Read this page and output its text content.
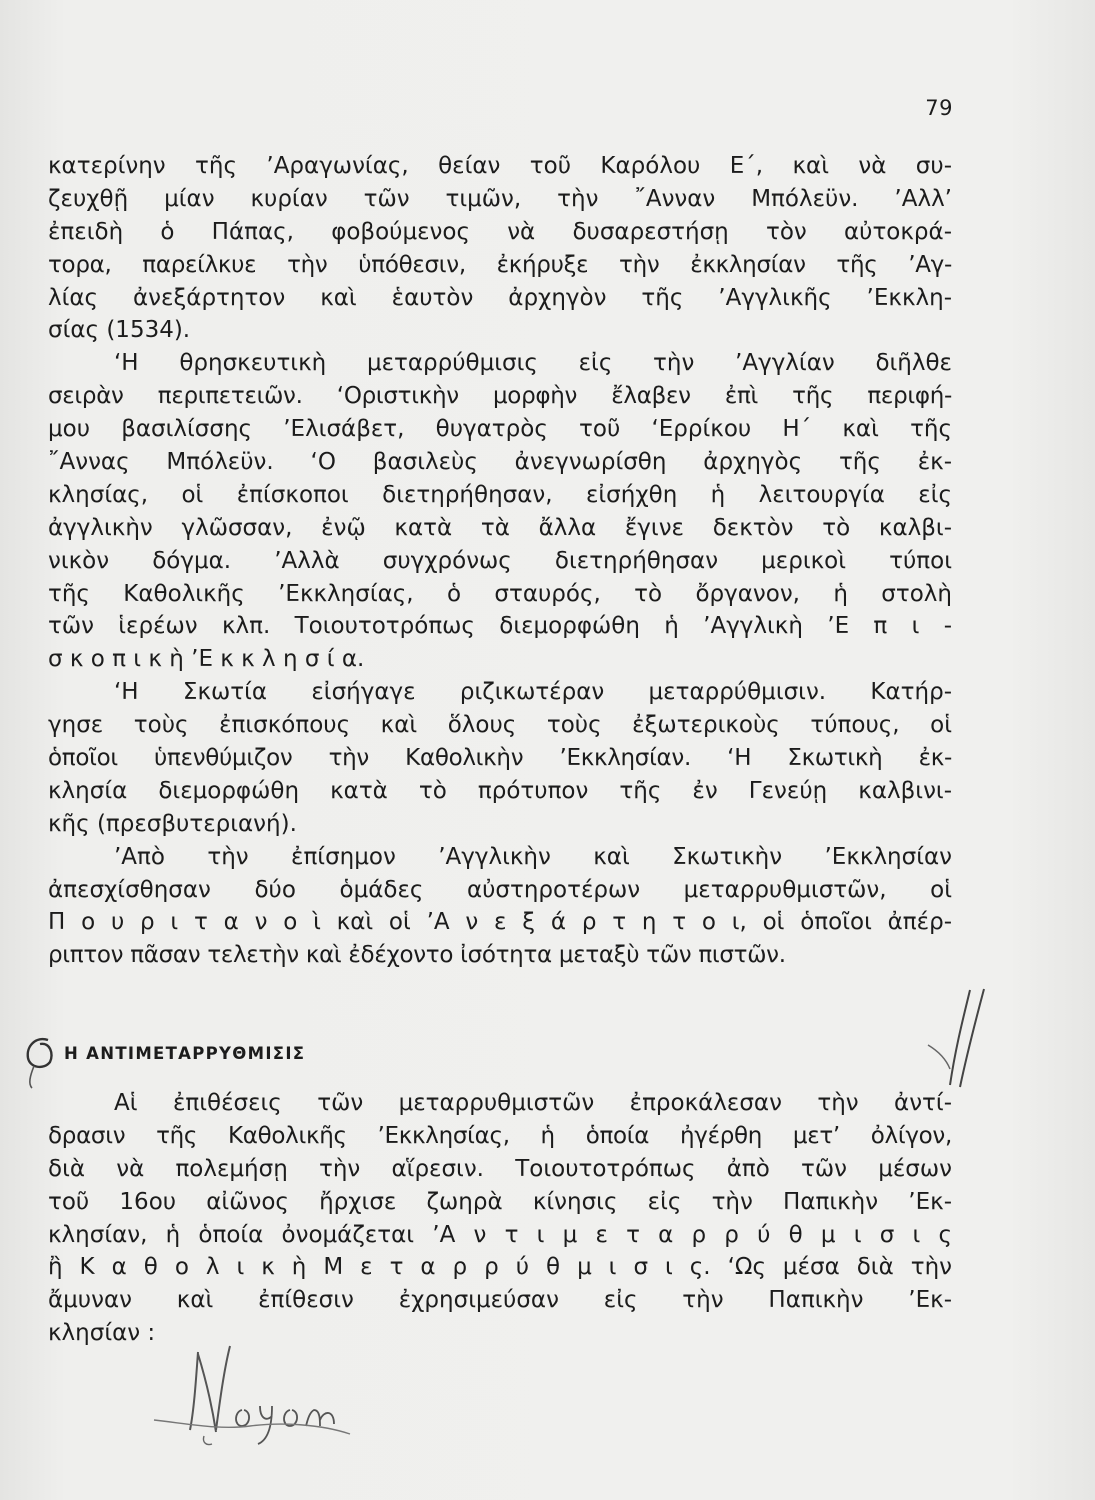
79
κατερίνην τῆς ’Αραγωνίας, θείαν τοῦ Καρόλου Ε΄, καὶ νὰ συ-
ζευχθῇ μίαν κυρίαν τῶν τιμῶν, τὴν ῎Ανναν Μπόλεϋν. ’Αλλ’
ἐπειδὴ ὁ Πάπας, φοβούμενος νὰ δυσαρεστήσῃ τὸν αὐτοκρά-
τορα, παρείλκυε τὴν ὑπόθεσιν, ἐκήρυξε τὴν ἐκκλησίαν τῆς ’Αγ-
λίας ἀνεξάρτητον καὶ ἑαυτὸν ἀρχηγὸν τῆς ’Αγγλικῆς ’Εκκλη-
σίας (1534).
‘Η θρησκευτικὴ μεταρρύθμισις εἰς τὴν ’Αγγλίαν διῆλθε
σειρὰν περιπετειῶν. ‘Οριστικὴν μορφὴν ἔλαβεν ἐπὶ τῆς περιφή-
μου βασιλίσσης ’Ελισάβετ, θυγατρὸς τοῦ ‘Ερρίκου Η΄ καὶ τῆς
῎Αννας Μπόλεϋν. ‘Ο βασιλεὺς ἀνεγνωρίσθη ἀρχηγὸς τῆς ἐκ-
κλησίας, οἱ ἐπίσκοποι διετηρήθησαν, εἰσήχθη ἡ λειτουργία εἰς
ἀγγλικὴν γλῶσσαν, ἐνῷ κατὰ τὰ ἄλλα ἔγινε δεκτὸν τὸ καλβι-
νικὸν δόγμα. ’Αλλὰ συγχρόνως διετηρήθησαν μερικοὶ τύποι
τῆς Καθολικῆς ’Εκκλησίας, ὁ σταυρός, τὸ ὄργανον, ἡ στολὴ
τῶν ἱερέων κλπ. Τοιουτοτρόπως διεμορφώθη ἡ ’Αγγλικὴ ’Ε π ι -
σ κ ο π ι κ ὴ ’Ε κ κ λ η σ ί α.
‘Η Σκωτία εἰσήγαγε ριζικωτέραν μεταρρύθμισιν. Κατήρ-
γησε τοὺς ἐπισκόπους καὶ ὅλους τοὺς ἐξωτερικοὺς τύπους, οἱ
ὁποῖοι ὑπενθύμιζον τὴν Καθολικὴν ’Εκκλησίαν. ‘Η Σκωτικὴ ἐκ-
κλησία διεμορφώθη κατὰ τὸ πρότυπον τῆς ἐν Γενεύῃ καλβινι-
κῆς (πρεσβυτεριανή).
’Απὸ τὴν ἐπίσημον ’Αγγλικὴν καὶ Σκωτικὴν ’Εκκλησίαν
ἀπεσχίσθησαν δύο ὁμάδες αὐστηροτέρων μεταρρυθμιστῶν, οἱ
Π ο υ ρ ι τ α ν ο ὶ καὶ οἱ ’Α ν ε ξ ά ρ τ η τ ο ι, οἱ ὁποῖοι ἀπέρ-
ριπτον πᾶσαν τελετὴν καὶ ἐδέχοντο ἰσότητα μεταξὺ τῶν πιστῶν.
Η ΑΝΤΙΜΕΤΑΡΡΥΘΜΙΣΙΣ
Αἱ ἐπιθέσεις τῶν μεταρρυθμιστῶν ἐπροκάλεσαν τὴν ἀντί-
δρασιν τῆς Καθολικῆς ’Εκκλησίας, ἡ ὁποία ἠγέρθη μετ’ ὀλίγον,
διὰ νὰ πολεμήσῃ τὴν αἵρεσιν. Τοιουτοτρόπως ἀπὸ τῶν μέσων
τοῦ 16ου αἰῶνος ἤρχισε ζωηρὰ κίνησις εἰς τὴν Παπικὴν ’Εκ-
κλησίαν, ἡ ὁποία ὀνομάζεται ’Α ν τ ι μ ε τ α ρ ρ ύ θ μ ι σ ι ς
ἢ Κ α θ ο λ ι κ ὴ Μ ε τ α ρ ρ ύ θ μ ι σ ι ς. ‘Ως μέσα διὰ τὴν
ἄμυναν καὶ ἐπίθεσιν ἐχρησιμεύσαν εἰς τὴν Παπικὴν ’Εκ-
κλησίαν :
